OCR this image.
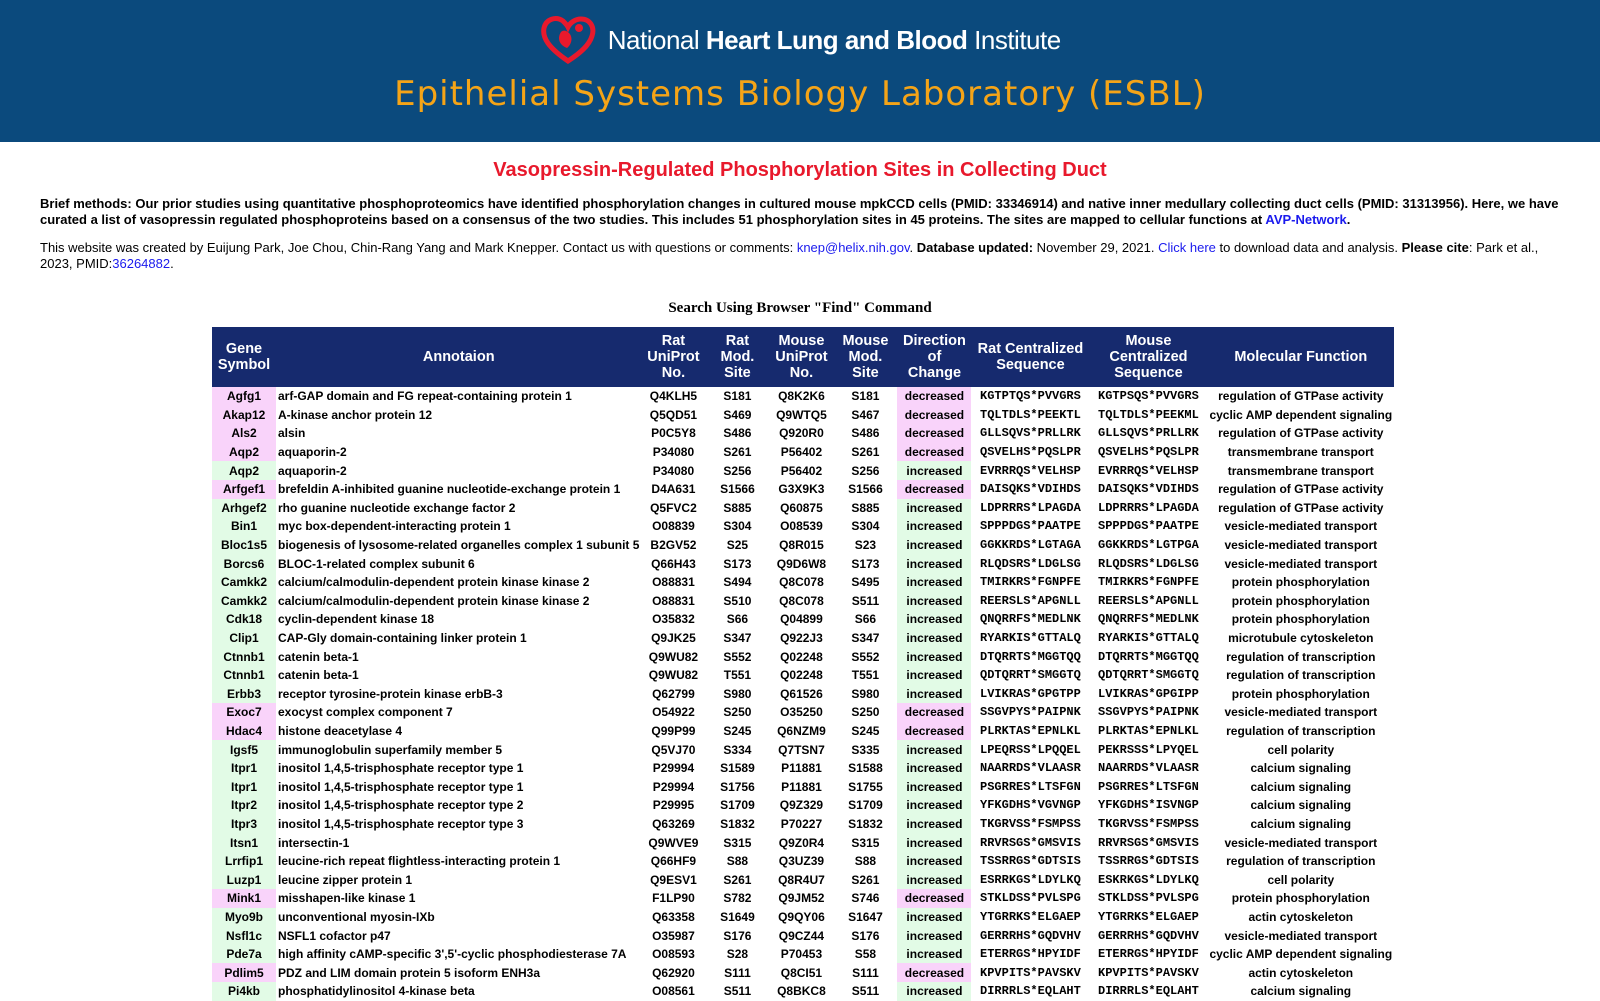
National Heart Lung and Blood Institute
Epithelial Systems Biology Laboratory (ESBL)
Vasopressin-Regulated Phosphorylation Sites in Collecting Duct
Brief methods: Our prior studies using quantitative phosphoproteomics have identified phosphorylation changes in cultured mouse mpkCCD cells (PMID: 33346914) and native inner medullary collecting duct cells (PMID: 31313956). Here, we have curated a list of vasopressin regulated phosphoproteins based on a consensus of the two studies. This includes 51 phosphorylation sites in 45 proteins. The sites are mapped to cellular functions at AVP-Network.
This website was created by Euijung Park, Joe Chou, Chin-Rang Yang and Mark Knepper. Contact us with questions or comments: knep@helix.nih.gov. Database updated: November 29, 2021. Click here to download data and analysis. Please cite: Park et al., 2023, PMID:36264882.
Search Using Browser "Find" Command
Gene Symbol	Annotaion	Rat UniProt No.	Rat Mod. Site	Mouse UniProt No.	Mouse Mod. Site	Direction of Change	Rat Centralized Sequence	Mouse Centralized Sequence	Molecular Function
Agfg1	arf-GAP domain and FG repeat-containing protein 1	Q4KLH5	S181	Q8K2K6	S181	decreased	KGTPTQS*PVVGRS	KGTPSQS*PVVGRS	regulation of GTPase activity
Akap12	A-kinase anchor protein 12	Q5QD51	S469	Q9WTQ5	S467	decreased	TQLTDLS*PEEKTL	TQLTDLS*PEEKML	cyclic AMP dependent signaling
Als2	alsin	P0C5Y8	S486	Q920R0	S486	decreased	GLLSQVS*PRLLRK	GLLSQVS*PRLLRK	regulation of GTPase activity
Aqp2	aquaporin-2	P34080	S261	P56402	S261	decreased	QSVELHS*PQSLPR	QSVELHS*PQSLPR	transmembrane transport
Aqp2	aquaporin-2	P34080	S256	P56402	S256	increased	EVRRRQS*VELHSP	EVRRRQS*VELHSP	transmembrane transport
Arfgef1	brefeldin A-inhibited guanine nucleotide-exchange protein 1	D4A631	S1566	G3X9K3	S1566	decreased	DAISQKS*VDIHDS	DAISQKS*VDIHDS	regulation of GTPase activity
Arhgef2	rho guanine nucleotide exchange factor 2	Q5FVC2	S885	Q60875	S885	increased	LDPRRRS*LPAGDA	LDPRRRS*LPAGDA	regulation of GTPase activity
Bin1	myc box-dependent-interacting protein 1	O08839	S304	O08539	S304	increased	SPPPDGS*PAATPE	SPPPDGS*PAATPE	vesicle-mediated transport
Bloc1s5	biogenesis of lysosome-related organelles complex 1 subunit 5	B2GV52	S25	Q8R015	S23	increased	GGKKRDS*LGTAGA	GGKKRDS*LGTPGA	vesicle-mediated transport
Borcs6	BLOC-1-related complex subunit 6	Q66H43	S173	Q9D6W8	S173	increased	RLQDSRS*LDGLSG	RLQDSRS*LDGLSG	vesicle-mediated transport
Camkk2	calcium/calmodulin-dependent protein kinase kinase 2	O88831	S494	Q8C078	S495	increased	TMIRKRS*FGNPFE	TMIRKRS*FGNPFE	protein phosphorylation
Camkk2	calcium/calmodulin-dependent protein kinase kinase 2	O88831	S510	Q8C078	S511	increased	REERSLS*APGNLL	REERSLS*APGNLL	protein phosphorylation
Cdk18	cyclin-dependent kinase 18	O35832	S66	Q04899	S66	increased	QNQRRFS*MEDLNK	QNQRRFS*MEDLNK	protein phosphorylation
Clip1	CAP-Gly domain-containing linker protein 1	Q9JK25	S347	Q922J3	S347	increased	RYARKIS*GTTALQ	RYARKIS*GTTALQ	microtubule cytoskeleton
Ctnnb1	catenin beta-1	Q9WU82	S552	Q02248	S552	increased	DTQRRTS*MGGTQQ	DTQRRTS*MGGTQQ	regulation of transcription
Ctnnb1	catenin beta-1	Q9WU82	T551	Q02248	T551	increased	QDTQRRT*SMGGTQ	QDTQRRT*SMGGTQ	regulation of transcription
Erbb3	receptor tyrosine-protein kinase erbB-3	Q62799	S980	Q61526	S980	increased	LVIKRAS*GPGTPP	LVIKRAS*GPGIPP	protein phosphorylation
Exoc7	exocyst complex component 7	O54922	S250	O35250	S250	decreased	SSGVPYS*PAIPNK	SSGVPYS*PAIPNK	vesicle-mediated transport
Hdac4	histone deacetylase 4	Q99P99	S245	Q6NZM9	S245	decreased	PLRKTAS*EPNLKL	PLRKTAS*EPNLKL	regulation of transcription
Igsf5	immunoglobulin superfamily member 5	Q5VJ70	S334	Q7TSN7	S335	increased	LPEQRSS*LPQQEL	PEKRSSS*LPYQEL	cell polarity
Itpr1	inositol 1,4,5-trisphosphate receptor type 1	P29994	S1589	P11881	S1588	increased	NAARRDS*VLAASR	NAARRDS*VLAASR	calcium signaling
Itpr1	inositol 1,4,5-trisphosphate receptor type 1	P29994	S1756	P11881	S1755	increased	PSGRRES*LTSFGN	PSGRRES*LTSFGN	calcium signaling
Itpr2	inositol 1,4,5-trisphosphate receptor type 2	P29995	S1709	Q9Z329	S1709	increased	YFKGDHS*VGVNGP	YFKGDHS*ISVNGP	calcium signaling
Itpr3	inositol 1,4,5-trisphosphate receptor type 3	Q63269	S1832	P70227	S1832	increased	TKGRVSS*FSMPSS	TKGRVSS*FSMPSS	calcium signaling
Itsn1	intersectin-1	Q9WVE9	S315	Q9Z0R4	S315	increased	RRVRSGS*GMSVIS	RRVRSGS*GMSVIS	vesicle-mediated transport
Lrrfip1	leucine-rich repeat flightless-interacting protein 1	Q66HF9	S88	Q3UZ39	S88	increased	TSSRRGS*GDTSIS	TSSRRGS*GDTSIS	regulation of transcription
Luzp1	leucine zipper protein 1	Q9ESV1	S261	Q8R4U7	S261	increased	ESRRKGS*LDYLKQ	ESKRKGS*LDYLKQ	cell polarity
Mink1	misshapen-like kinase 1	F1LP90	S782	Q9JM52	S746	decreased	STKLDSS*PVLSPG	STKLDSS*PVLSPG	protein phosphorylation
Myo9b	unconventional myosin-IXb	Q63358	S1649	Q9QY06	S1647	increased	YTGRRKS*ELGAEP	YTGRRKS*ELGAEP	actin cytoskeleton
Nsfl1c	NSFL1 cofactor p47	O35987	S176	Q9CZ44	S176	increased	GERRRHS*GQDVHV	GERRRHS*GQDVHV	vesicle-mediated transport
Pde7a	high affinity cAMP-specific 3',5'-cyclic phosphodiesterase 7A	O08593	S28	P70453	S58	increased	ETERRGS*HPYIDF	ETERRGS*HPYIDF	cyclic AMP dependent signaling
Pdlim5	PDZ and LIM domain protein 5 isoform ENH3a	Q62920	S111	Q8CI51	S111	decreased	KPVPITS*PAVSKV	KPVPITS*PAVSKV	actin cytoskeleton
Pi4kb	phosphatidylinositol 4-kinase beta	O08561	S511	Q8BKC8	S511	increased	DIRRRLS*EQLAHT	DIRRRLS*EQLAHT	calcium signaling
